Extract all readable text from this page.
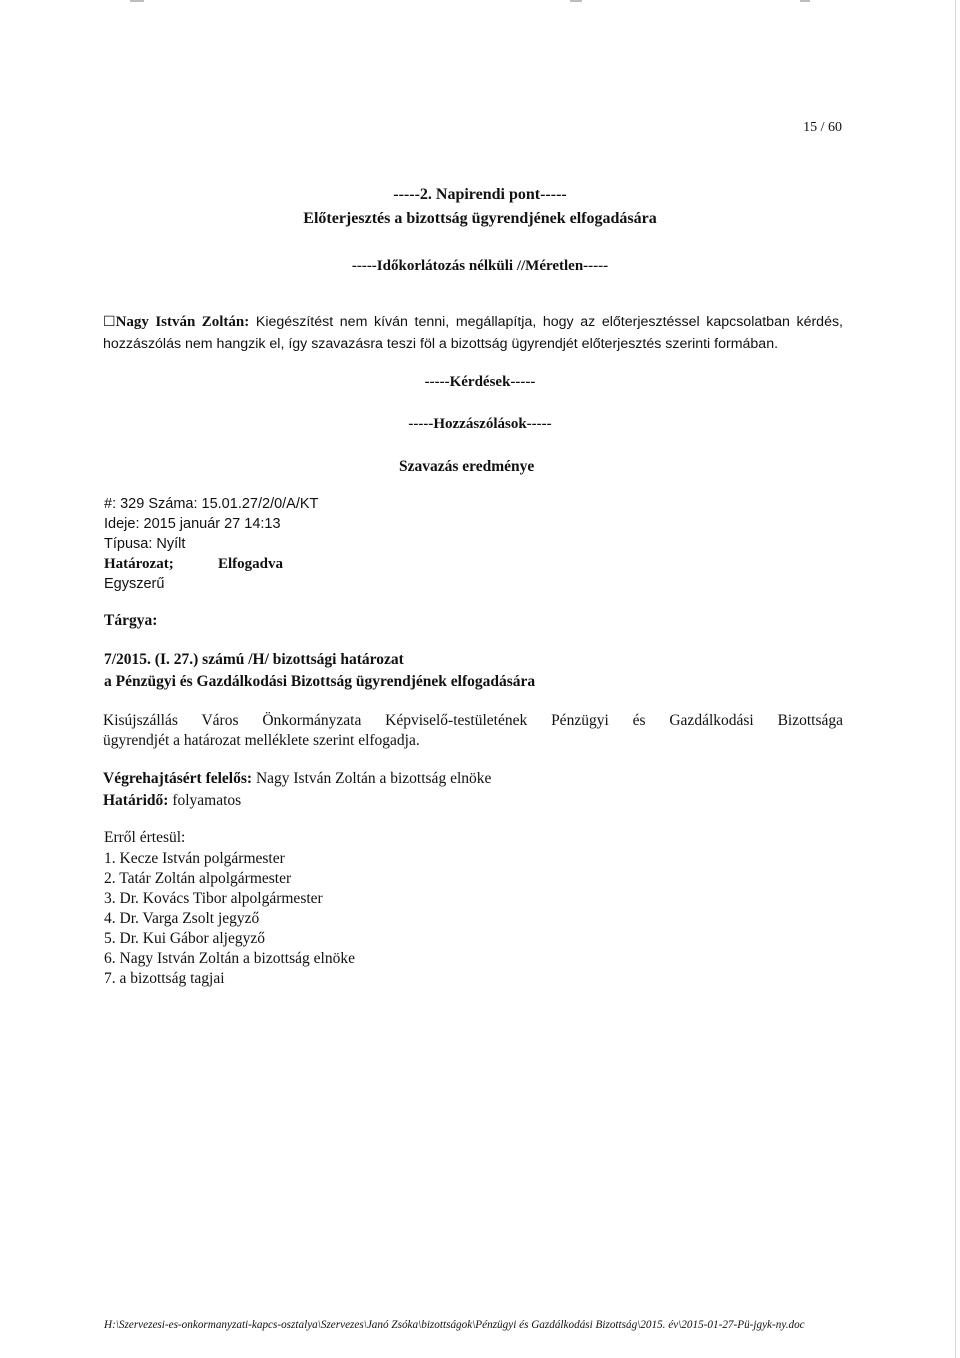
15 / 60
-----2. Napirendi pont-----
Előterjesztés a bizottság ügyrendjének elfogadására
-----Időkorlátozás nélküli //Méretlen-----
☐Nagy István Zoltán: Kiegészítést nem kíván tenni, megállapítja, hogy az előterjesztéssel kapcsolatban kérdés, hozzászólás nem hangzik el, így szavazásra teszi föl a bizottság ügyrendjét előterjesztés szerinti formában.
-----Kérdések-----
-----Hozzászólások-----
Szavazás eredménye
#: 329 Száma: 15.01.27/2/0/A/KT
Ideje: 2015 január 27 14:13
Típusa: Nyílt
Határozat;	Elfogadva
Egyszerű
Tárgya:
7/2015. (I. 27.) számú /H/ bizottsági határozat
a Pénzügyi és Gazdálkodási Bizottság ügyrendjének elfogadására
Kisújszállás Város Önkormányzata Képviselő-testületének Pénzügyi és Gazdálkodási Bizottsága
ügyrendjét a határozat melléklete szerint elfogadja.
Végrehajtásért felelős: Nagy István Zoltán a bizottság elnöke
Határidő: folyamatos
Erről értesül:
1. Kecze István polgármester
2. Tatár Zoltán alpolgármester
3. Dr. Kovács Tibor alpolgármester
4. Dr. Varga Zsolt jegyző
5. Dr. Kui Gábor aljegyző
6. Nagy István Zoltán a bizottság elnöke
7. a bizottság tagjai
H:\Szervezesi-es-onkormanyzati-kapcs-osztalya\Szervezes\Janó Zsóka\bizottságok\Pénzügyi és Gazdálkodási Bizottság\2015. év\2015-01-27-Pü-jgyk-ny.doc
